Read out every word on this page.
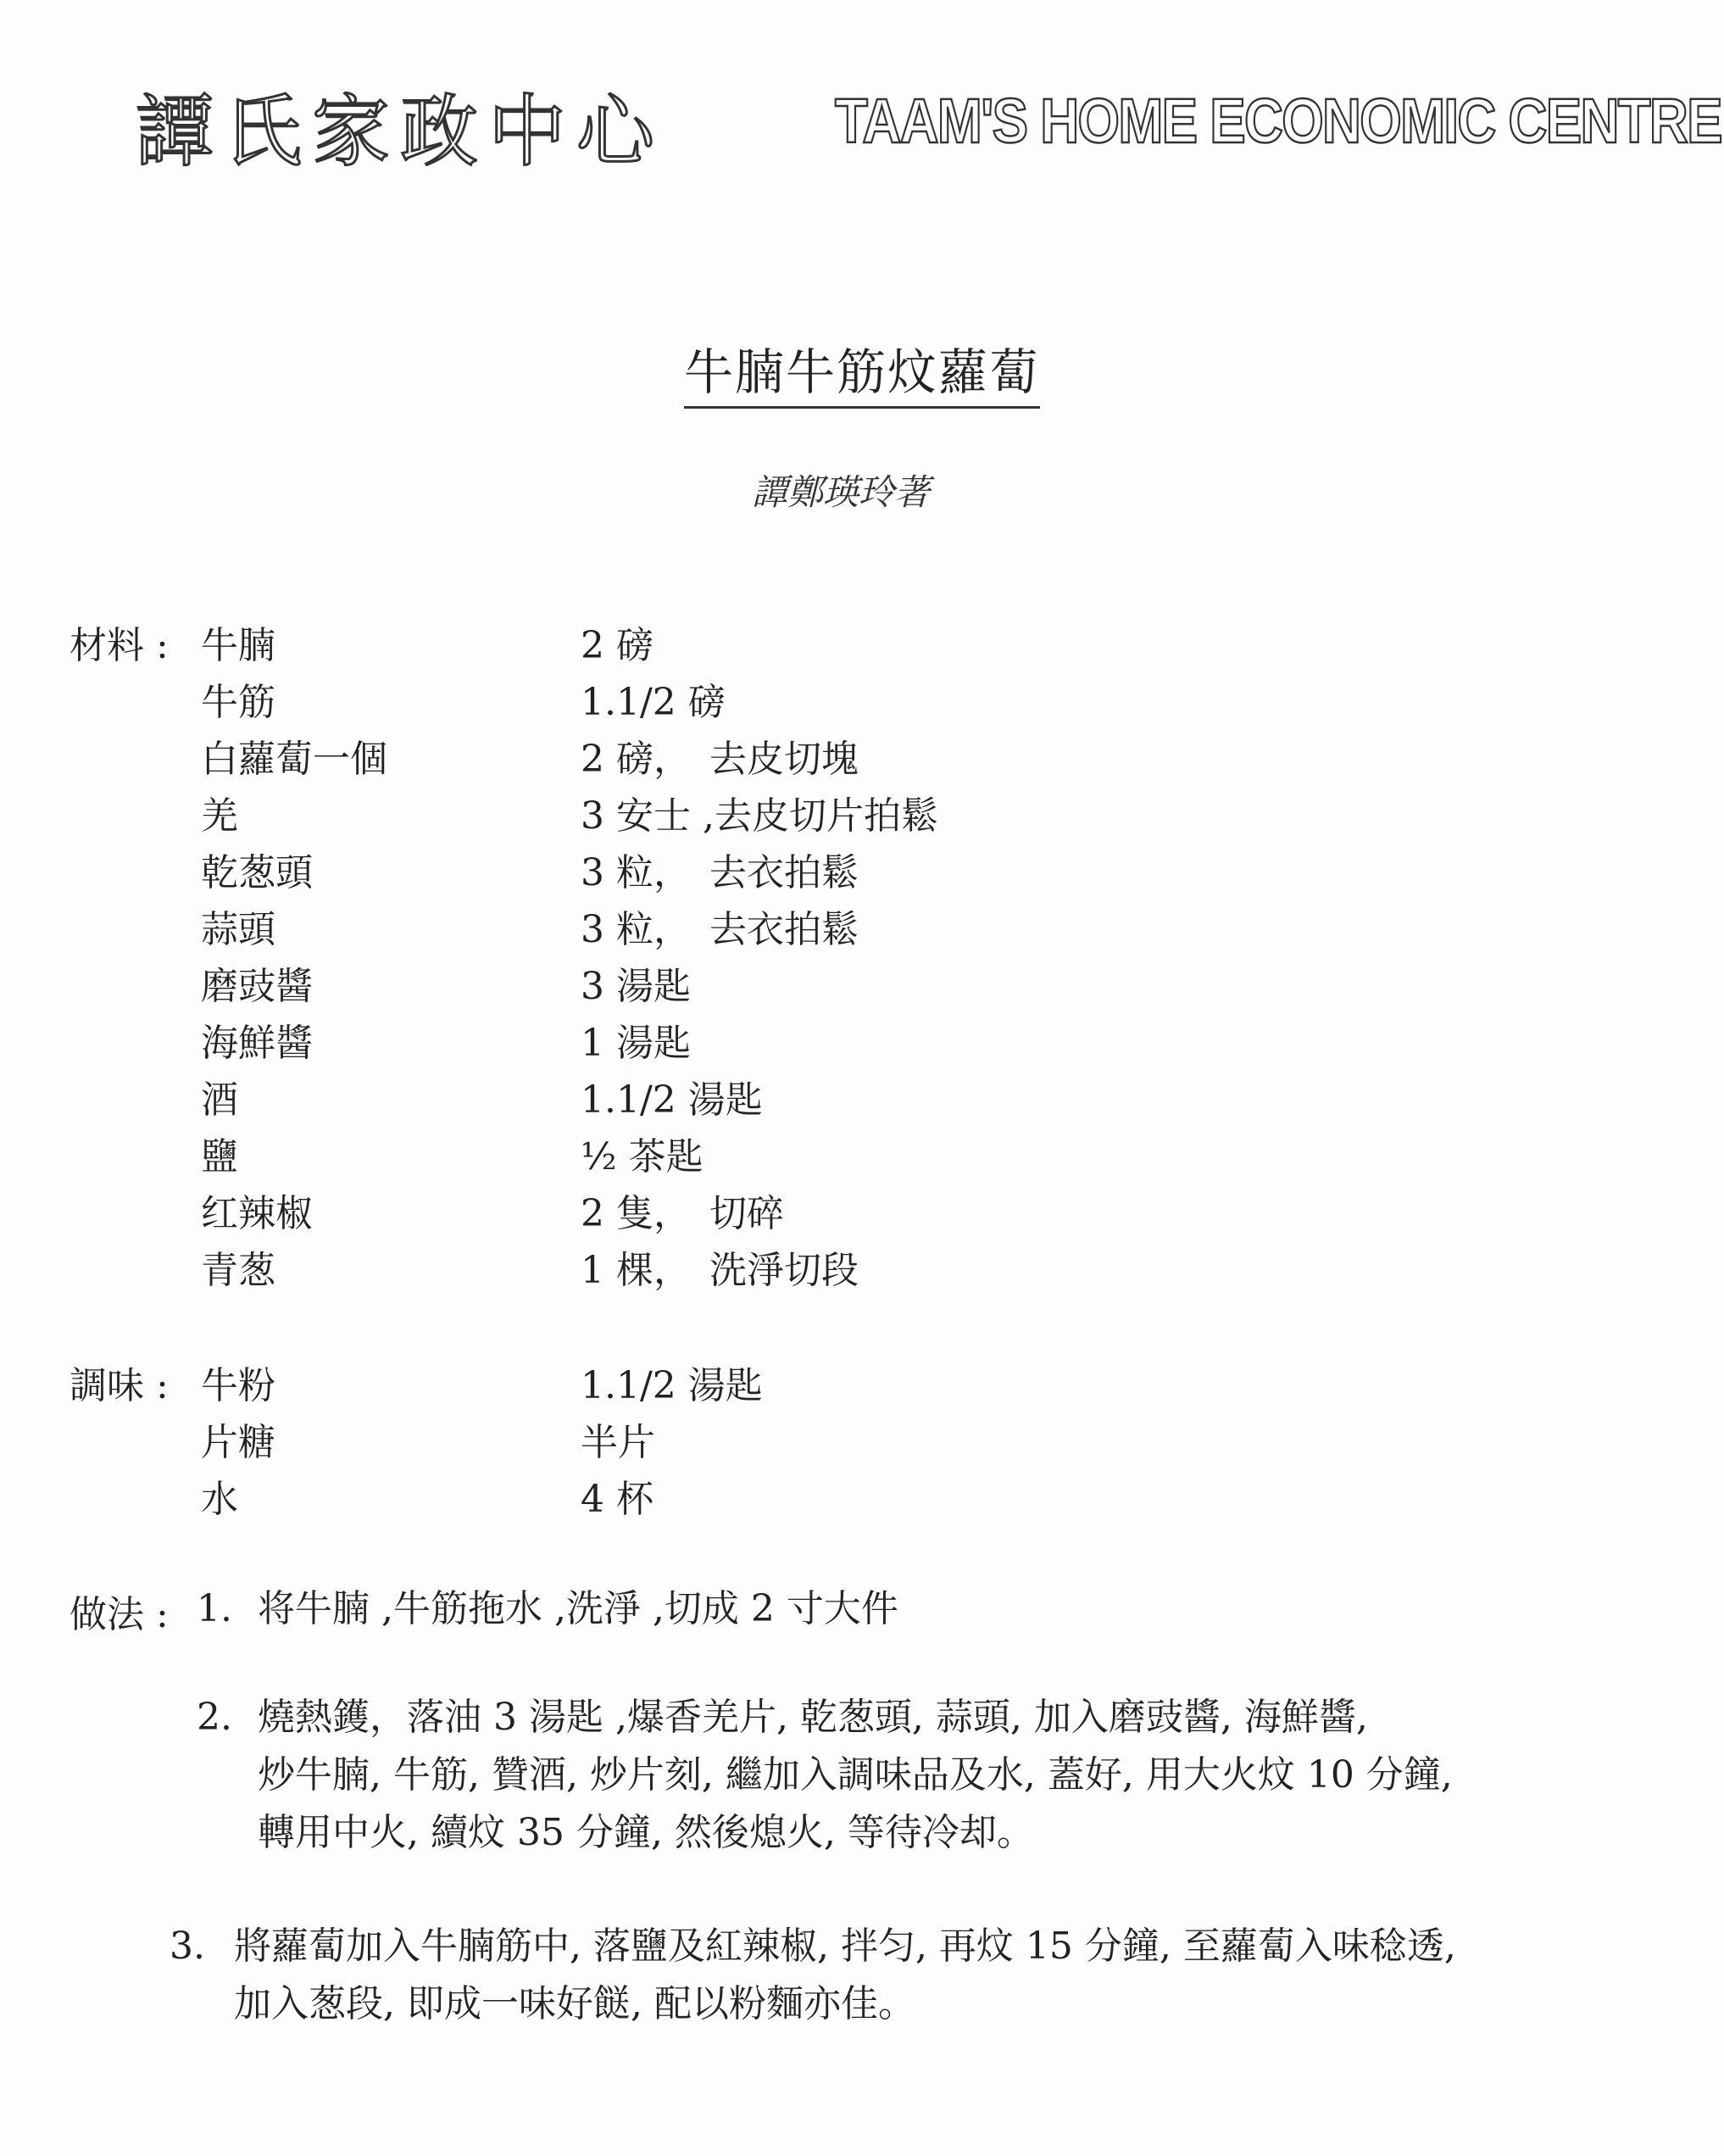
譚氏家政中心	TAAM'S HOME ECONOMIC CENTRE
牛腩牛筋炆蘿蔔
譚鄭瑛玲著
材料 : 牛腩	2 磅
牛筋	1.1/2 磅
白蘿蔔一個	2 磅，　去皮切塊
羌	3 安士 ,去皮切片拍鬆
乾葱頭	3 粒，　去衣拍鬆
蒜頭	3 粒，　去衣拍鬆
磨豉醬	3 湯匙
海鮮醬	1 湯匙
酒	1.1/2 湯匙
鹽	½ 茶匙
红辣椒	2 隻，　切碎
青葱	1 棵，　洗淨切段
調味 : 牛粉	1.1/2 湯匙
片糖	半片
水	4 杯
做法 : 1. 将牛腩 ,牛筋拖水 ,洗淨 ,切成 2 寸大件
2. 燒熱鑊，落油 3 湯匙 ,爆香羌片, 乾葱頭, 蒜頭, 加入磨豉醬, 海鮮醬,
炒牛腩, 牛筋, 贊酒, 炒片刻, 繼加入調味品及水, 蓋好, 用大火炆 10 分鐘,
轉用中火, 續炆 35 分鐘, 然後熄火, 等待冷却。
3. 將蘿蔔加入牛腩筋中, 落鹽及紅辣椒, 拌匀, 再炆 15 分鐘, 至蘿蔔入味稔透,
加入葱段, 即成一味好餸, 配以粉麵亦佳。
